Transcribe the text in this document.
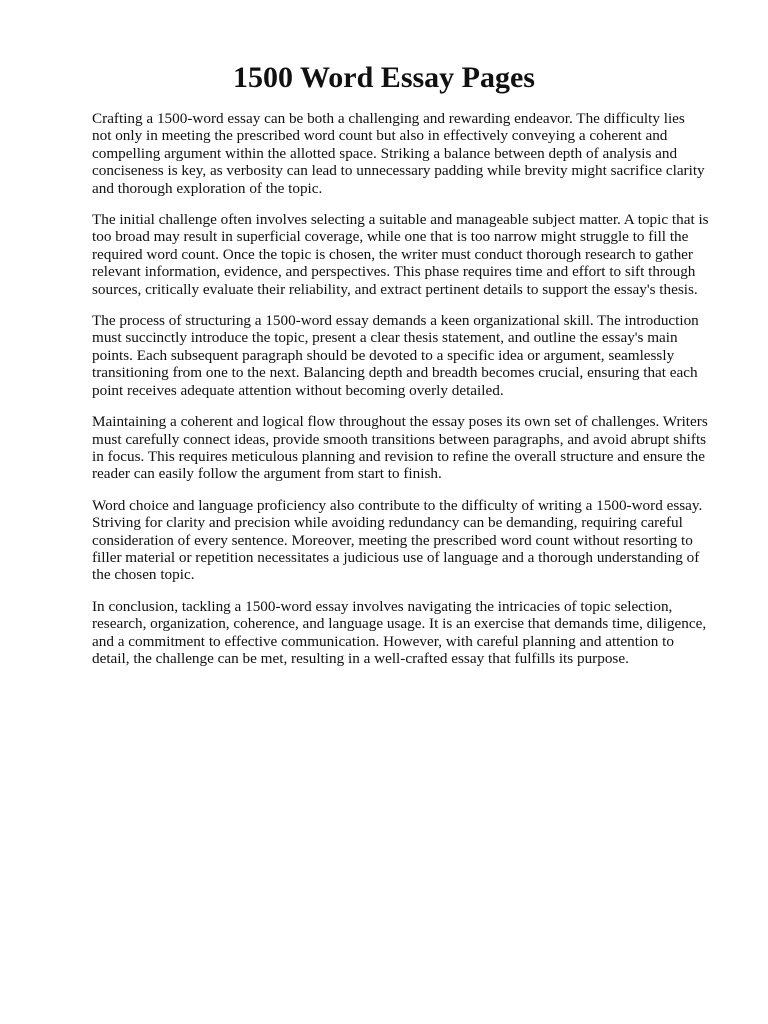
1500 Word Essay Pages

Crafting a 1500-word essay can be both a challenging and rewarding endeavor. The difficulty lies
not only in meeting the prescribed word count but also in effectively conveying a coherent and
compelling argument within the allotted space. Striking a balance between depth of analysis and
conciseness is key, as verbosity can lead to unnecessary padding while brevity might sacrifice clarity
and thorough exploration of the topic.

The initial challenge often involves selecting a suitable and manageable subject matter. A topic that is
too broad may result in superficial coverage, while one that is too narrow might struggle to fill the
required word count. Once the topic is chosen, the writer must conduct thorough research to gather
relevant information, evidence, and perspectives. This phase requires time and effort to sift through
sources, critically evaluate their reliability, and extract pertinent details to support the essay's thesis.

The process of structuring a 1500-word essay demands a keen organizational skill. The introduction
must succinctly introduce the topic, present a clear thesis statement, and outline the essay's main
points. Each subsequent paragraph should be devoted to a specific idea or argument, seamlessly
transitioning from one to the next. Balancing depth and breadth becomes crucial, ensuring that each
point receives adequate attention without becoming overly detailed.

Maintaining a coherent and logical flow throughout the essay poses its own set of challenges. Writers
must carefully connect ideas, provide smooth transitions between paragraphs, and avoid abrupt shifts
in focus. This requires meticulous planning and revision to refine the overall structure and ensure the
reader can easily follow the argument from start to finish.

Word choice and language proficiency also contribute to the difficulty of writing a 1500-word essay.
Striving for clarity and precision while avoiding redundancy can be demanding, requiring careful
consideration of every sentence. Moreover, meeting the prescribed word count without resorting to
filler material or repetition necessitates a judicious use of language and a thorough understanding of
the chosen topic.

In conclusion, tackling a 1500-word essay involves navigating the intricacies of topic selection,
research, organization, coherence, and language usage. It is an exercise that demands time, diligence,
and a commitment to effective communication. However, with careful planning and attention to
detail, the challenge can be met, resulting in a well-crafted essay that fulfills its purpose.
